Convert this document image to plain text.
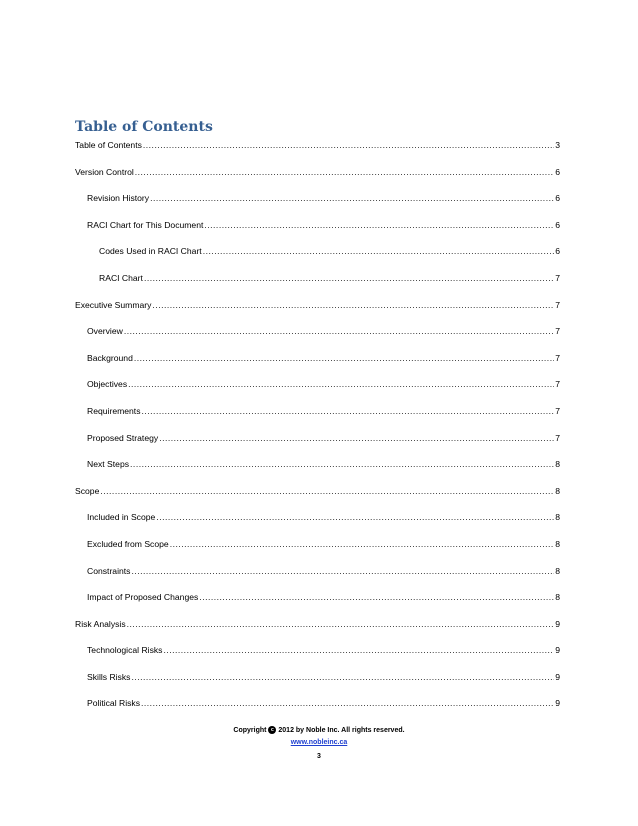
Table of Contents
Table of Contents .....	3
Version Control .....	6
Revision History .....	6
RACI Chart for This Document .....	6
Codes Used in RACI Chart .....	6
RACI Chart .....	7
Executive Summary .....	7
Overview .....	7
Background .....	7
Objectives .....	7
Requirements .....	7
Proposed Strategy .....	7
Next Steps .....	8
Scope .....	8
Included in Scope .....	8
Excluded from Scope .....	8
Constraints .....	8
Impact of Proposed Changes .....	8
Risk Analysis .....	9
Technological Risks .....	9
Skills Risks .....	9
Political Risks .....	9
Copyright c 2012 by Noble Inc. All rights reserved.
www.nobleinc.ca
3
